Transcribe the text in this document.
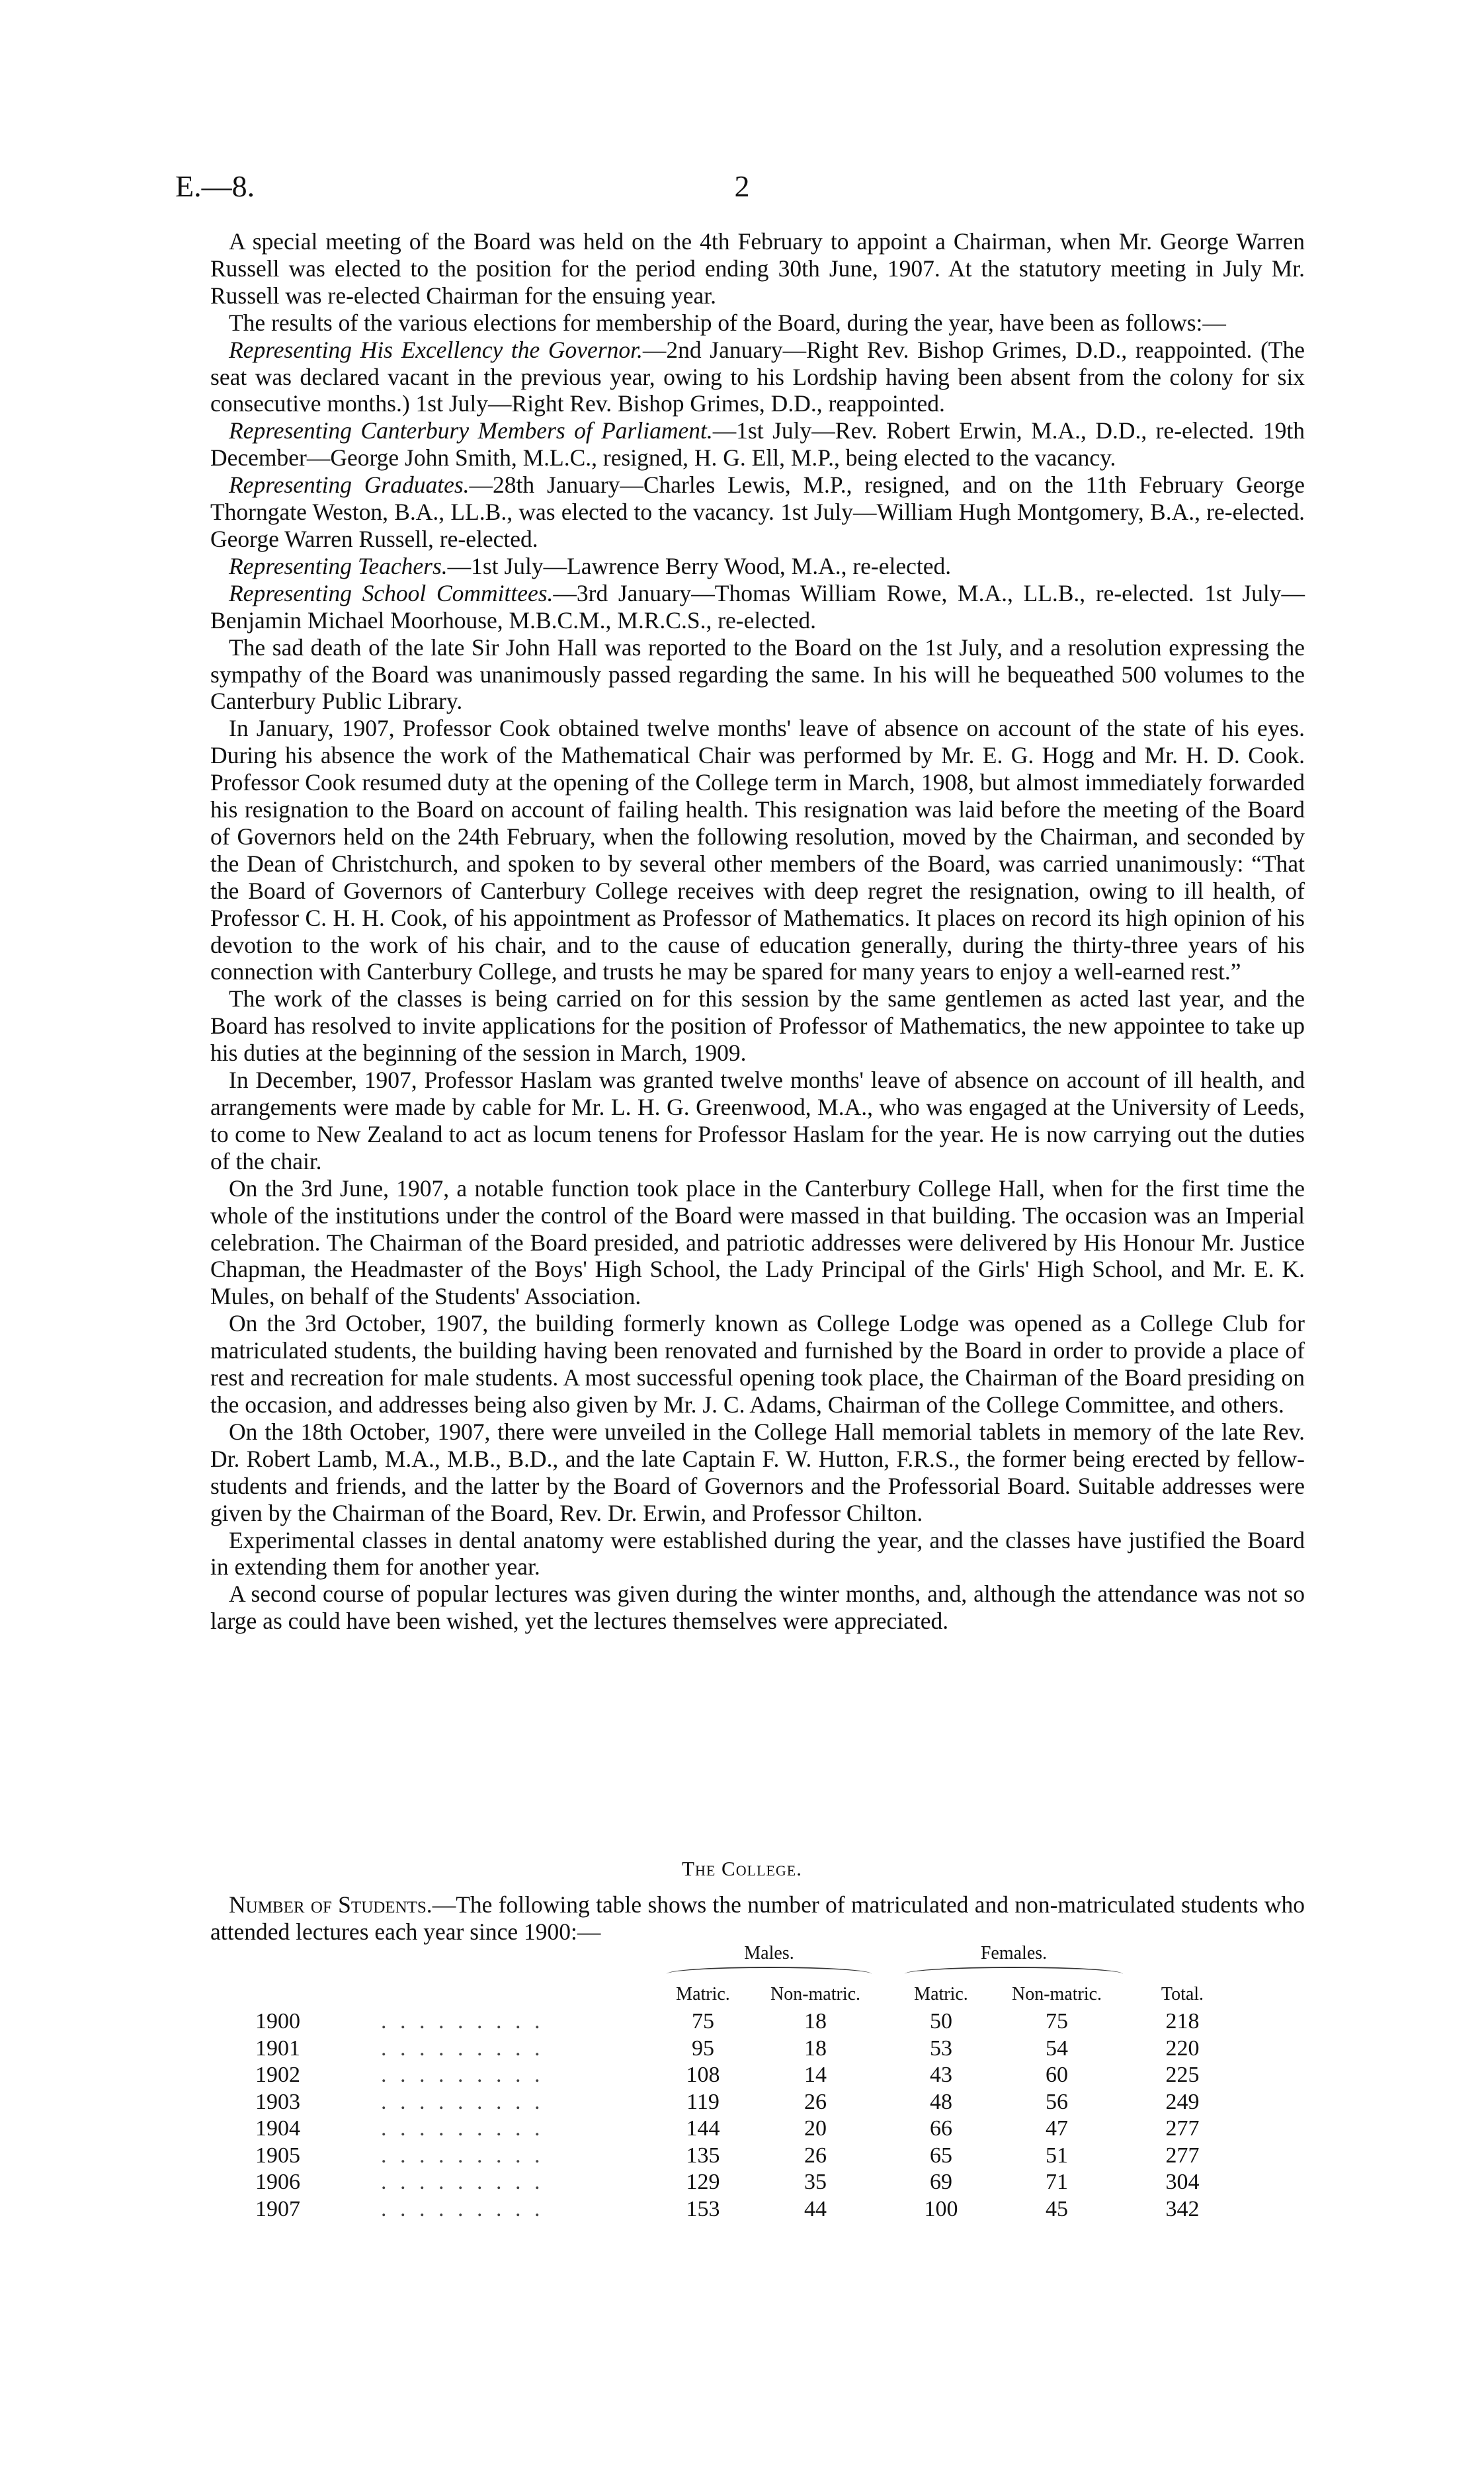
E.—8.	2

A special meeting of the Board was held on the 4th February to appoint a Chairman, when Mr. George Warren Russell was elected to the position for the period ending 30th June, 1907. At the statutory meeting in July Mr. Russell was re-elected Chairman for the ensuing year.

The results of the various elections for membership of the Board, during the year, have been as follows:—

Representing His Excellency the Governor.—2nd January—Right Rev. Bishop Grimes, D.D., reappointed. (The seat was declared vacant in the previous year, owing to his Lordship having been absent from the colony for six consecutive months.) 1st July—Right Rev. Bishop Grimes, D.D., reappointed.

Representing Canterbury Members of Parliament.—1st July—Rev. Robert Erwin, M.A., D.D., re-elected. 19th December—George John Smith, M.L.C., resigned, H. G. Ell, M.P., being elected to the vacancy.

Representing Graduates.—28th January—Charles Lewis, M.P., resigned, and on the 11th February George Thorngate Weston, B.A., LL.B., was elected to the vacancy. 1st July—William Hugh Montgomery, B.A., re-elected. George Warren Russell, re-elected.

Representing Teachers.—1st July—Lawrence Berry Wood, M.A., re-elected.

Representing School Committees.—3rd January—Thomas William Rowe, M.A., LL.B., re-elected. 1st July—Benjamin Michael Moorhouse, M.B.C.M., M.R.C.S., re-elected.

The sad death of the late Sir John Hall was reported to the Board on the 1st July, and a resolution expressing the sympathy of the Board was unanimously passed regarding the same. In his will he bequeathed 500 volumes to the Canterbury Public Library.

In January, 1907, Professor Cook obtained twelve months' leave of absence on account of the state of his eyes. During his absence the work of the Mathematical Chair was performed by Mr. E. G. Hogg and Mr. H. D. Cook. Professor Cook resumed duty at the opening of the College term in March, 1908, but almost immediately forwarded his resignation to the Board on account of failing health. This resignation was laid before the meeting of the Board of Governors held on the 24th February, when the following resolution, moved by the Chairman, and seconded by the Dean of Christchurch, and spoken to by several other members of the Board, was carried unanimously: “That the Board of Governors of Canterbury College receives with deep regret the resignation, owing to ill health, of Professor C. H. H. Cook, of his appointment as Professor of Mathematics. It places on record its high opinion of his devotion to the work of his chair, and to the cause of education generally, during the thirty-three years of his connection with Canterbury College, and trusts he may be spared for many years to enjoy a well-earned rest.”

The work of the classes is being carried on for this session by the same gentlemen as acted last year, and the Board has resolved to invite applications for the position of Professor of Mathematics, the new appointee to take up his duties at the beginning of the session in March, 1909.

In December, 1907, Professor Haslam was granted twelve months' leave of absence on account of ill health, and arrangements were made by cable for Mr. L. H. G. Greenwood, M.A., who was engaged at the University of Leeds, to come to New Zealand to act as locum tenens for Professor Haslam for the year. He is now carrying out the duties of the chair.

On the 3rd June, 1907, a notable function took place in the Canterbury College Hall, when for the first time the whole of the institutions under the control of the Board were massed in that building. The occasion was an Imperial celebration. The Chairman of the Board presided, and patriotic addresses were delivered by His Honour Mr. Justice Chapman, the Headmaster of the Boys' High School, the Lady Principal of the Girls' High School, and Mr. E. K. Mules, on behalf of the Students' Association.

On the 3rd October, 1907, the building formerly known as College Lodge was opened as a College Club for matriculated students, the building having been renovated and furnished by the Board in order to provide a place of rest and recreation for male students. A most successful opening took place, the Chairman of the Board presiding on the occasion, and addresses being also given by Mr. J. C. Adams, Chairman of the College Committee, and others.

On the 18th October, 1907, there were unveiled in the College Hall memorial tablets in memory of the late Rev. Dr. Robert Lamb, M.A., M.B., B.D., and the late Captain F. W. Hutton, F.R.S., the former being erected by fellow-students and friends, and the latter by the Board of Governors and the Professorial Board. Suitable addresses were given by the Chairman of the Board, Rev. Dr. Erwin, and Professor Chilton.

Experimental classes in dental anatomy were established during the year, and the classes have justified the Board in extending them for another year.

A second course of popular lectures was given during the winter months, and, although the attendance was not so large as could have been wished, yet the lectures themselves were appreciated.

The College.

Number of Students.—The following table shows the number of matriculated and non-matriculated students who attended lectures each year since 1900:—

Males.	Females.
Matric.	Non-matric.	Matric.	Non-matric.	Total.
1900	. . . . . . . . .	75	18	50	75	218
1901	. . . . . . . . .	95	18	53	54	220
1902	. . . . . . . . .	108	14	43	60	225
1903	. . . . . . . . .	119	26	48	56	249
1904	. . . . . . . . .	144	20	66	47	277
1905	. . . . . . . . .	135	26	65	51	277
1906	. . . . . . . . .	129	35	69	71	304
1907	. . . . . . . . .	153	44	100	45	342
